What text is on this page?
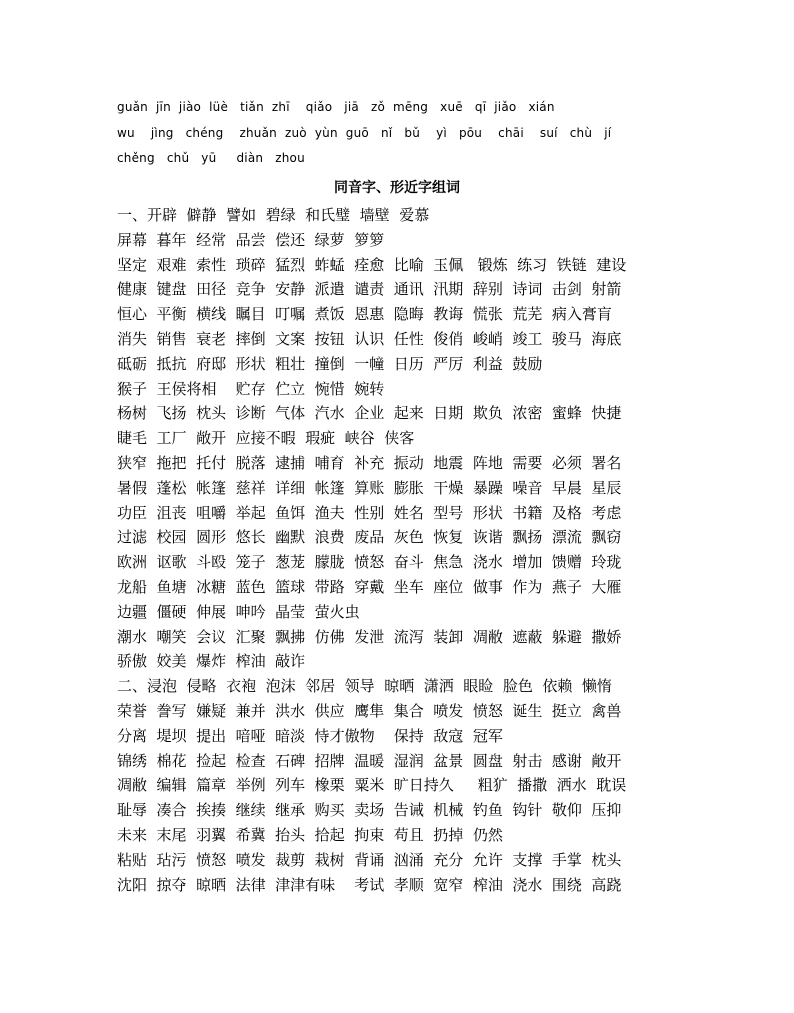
guǎn  jīn  jiào  lüè   tiǎn  zhī    qiǎo   jiā   zǒ  mēng   xuē   qī  jiǎo   xián
wu    jìng   chéng    zhuǎn  zuò  yùn  guō   nǐ   bǔ    yì   pōu    chāi    suí   chù   jí
chěng   chǔ   yū     diàn   zhou
同音字、形近字组词
一、开辟  僻静  譬如  碧绿  和氏璧  墙壁  爱慕
屏幕  暮年  经常  品尝  偿还  绿萝  箩箩
坚定  艰难  索性  琐碎  猛烈  蚱蜢  痊愈  比喻  玉佩   锻炼  练习  铁链  建设
健康  键盘  田径  竞争  安静  派遣  谴责  通讯  汛期  辞别  诗词  击剑  射箭
恒心  平衡  横线  瞩目  叮嘱  煮饭  恩惠  隐晦  教诲  慌张  荒芜  病入膏肓
消失  销售  衰老  摔倒  文案  按钮  认识  任性  俊俏  峻峭  竣工  骏马  海底
砥砺  抵抗  府邸  形状  粗壮  撞倒  一幢  日历  严厉  利益  鼓励
猴子  王侯将相    贮存  伫立  惋惜  婉转
杨树  飞扬  枕头  诊断  气体  汽水  企业  起来  日期  欺负  浓密  蜜蜂  快捷
睫毛  工厂  敞开  应接不暇  瑕疵  峡谷  侠客
狭窄  拖把  托付  脱落  逮捕  哺育  补充  振动  地震  阵地  需要  必须  署名
暑假  蓬松  帐篷  慈祥  详细  帐篷  算账  膨胀  干燥  暴躁  噪音  早晨  星辰
功臣  沮丧  咀嚼  举起  鱼饵  渔夫  性别  姓名  型号  形状  书籍  及格  考虑
过滤  校园  圆形  悠长  幽默  浪费  废品  灰色  恢复  诙谐  飘扬  漂流  飘窃
欧洲  讴歌  斗殴  笼子  葱茏  朦胧  愤怒  奋斗  焦急  浇水  增加  馈赠  玲珑
龙船  鱼塘  冰糖  蓝色  篮球  带路  穿戴  坐车  座位  做事  作为  燕子  大雁
边疆  僵硬  伸展  呻吟  晶莹  萤火虫
潮水  嘲笑  会议  汇聚  飘拂  仿佛  发泄  流泻  装卸  凋敝  遮蔽  躲避  撒娇
骄傲  姣美  爆炸  榨油  敲诈
二、浸泡  侵略  衣袍  泡沫  邻居  领导  晾晒  潇洒  眼睑  脸色  依赖  懒惰
荣誉  誊写  嫌疑  兼并  洪水  供应  鹰隼  集合  喷发  愤怒  诞生  挺立  禽兽
分离  堤坝  提出  喑哑  暗淡  恃才傲物    保持  敌寇  冠军
锦绣  棉花  捡起  检查  石碑  招牌  温暖  湿润  盆景  圆盘  射击  感谢  敞开
凋敝  编辑  篇章  举例  列车  橡栗  粟米  旷日持久     粗犷  播撒  洒水  耽误
耻辱  凑合  挨揍  继续  继承  购买  卖场  告诫  机械  钓鱼  钩针  敬仰  压抑
未来  末尾  羽翼  希冀  抬头  拾起  拘束  苟且  扔掉  仍然
粘贴  玷污  愤怒  喷发  裁剪  栽树  背诵  汹涌  充分  允许  支撑  手掌  枕头
沈阳  掠夺  晾晒  法律  津津有味    考试  孝顺  宽窄  榨油  浇水  围绕  高跷
